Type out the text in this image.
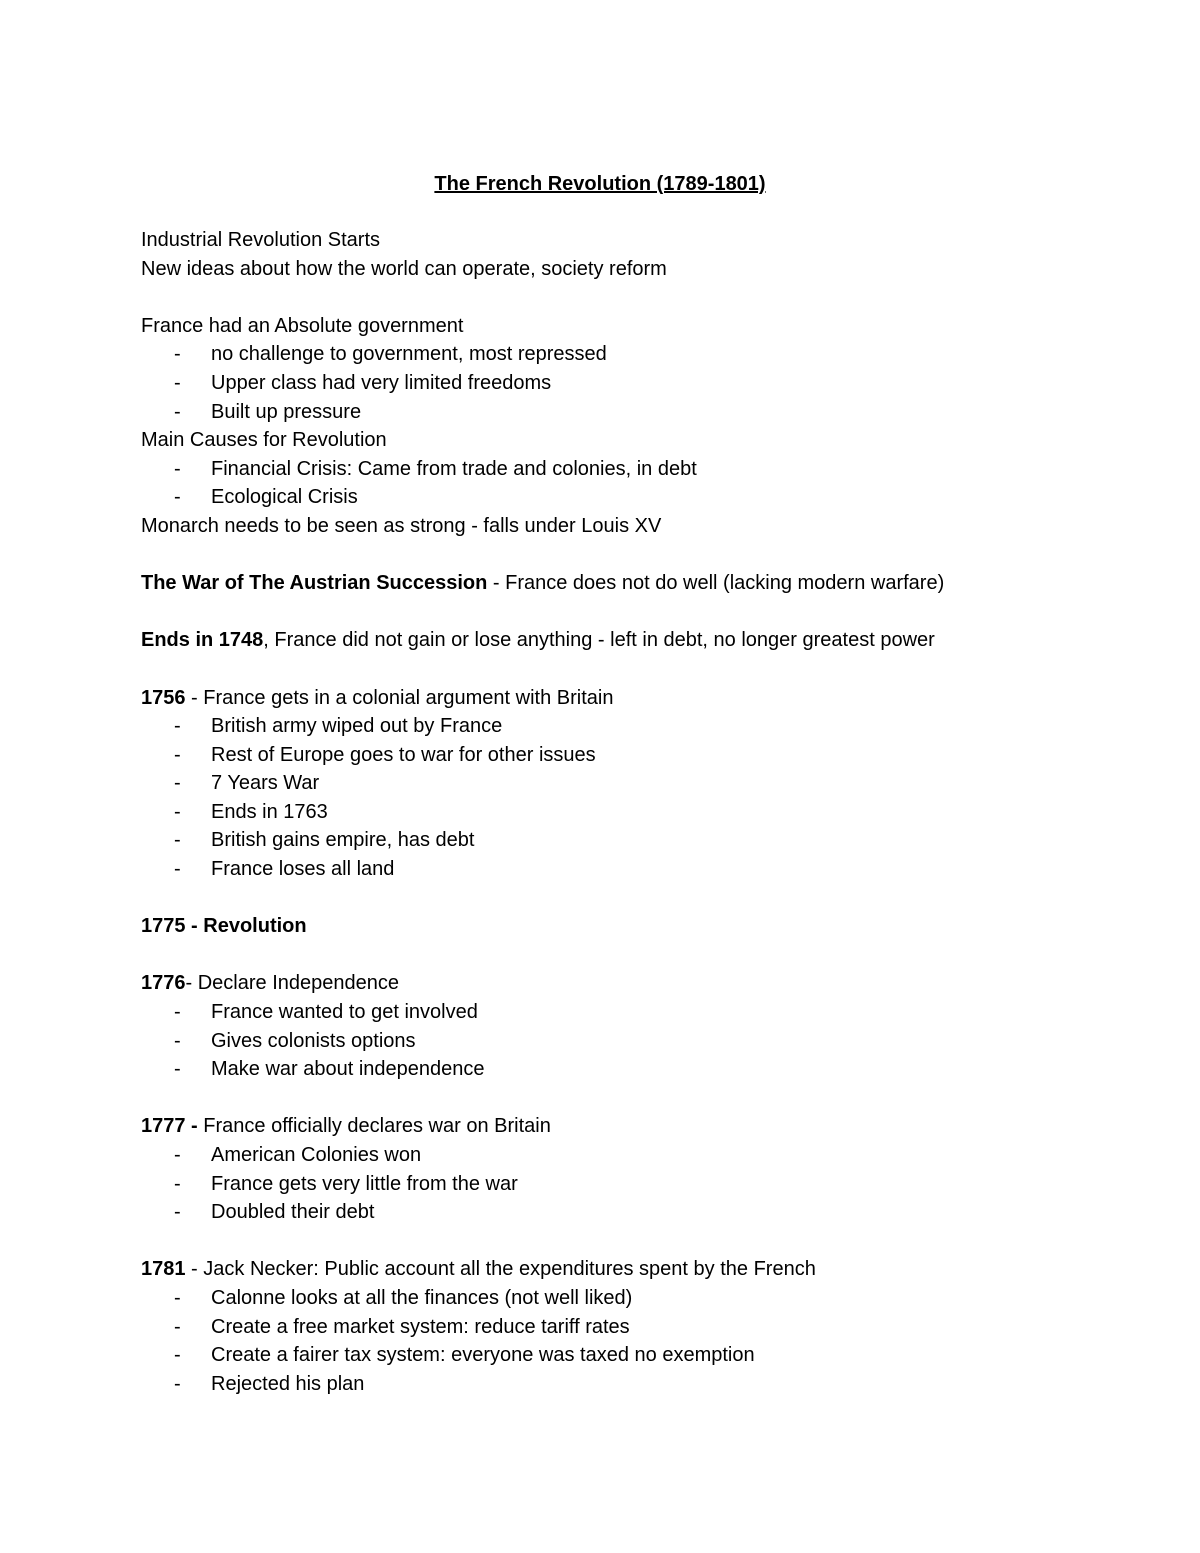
The French Revolution (1789-1801)
Industrial Revolution Starts
New ideas about how the world can operate, society reform
France had an Absolute government
- no challenge to government, most repressed
- Upper class had very limited freedoms
- Built up pressure
Main Causes for Revolution
- Financial Crisis: Came from trade and colonies, in debt
- Ecological Crisis
Monarch needs to be seen as strong - falls under Louis XV
The War of The Austrian Succession - France does not do well (lacking modern warfare)
Ends in 1748, France did not gain or lose anything - left in debt, no longer greatest power
1756 - France gets in a colonial argument with Britain
- British army wiped out by France
- Rest of Europe goes to war for other issues
- 7 Years War
- Ends in 1763
- British gains empire, has debt
- France loses all land
1775 - Revolution
1776- Declare Independence
- France wanted to get involved
- Gives colonists options
- Make war about independence
1777 - France officially declares war on Britain
- American Colonies won
- France gets very little from the war
- Doubled their debt
1781 - Jack Necker: Public account all the expenditures spent by the French
- Calonne looks at all the finances (not well liked)
- Create a free market system: reduce tariff rates
- Create a fairer tax system: everyone was taxed no exemption
- Rejected his plan
